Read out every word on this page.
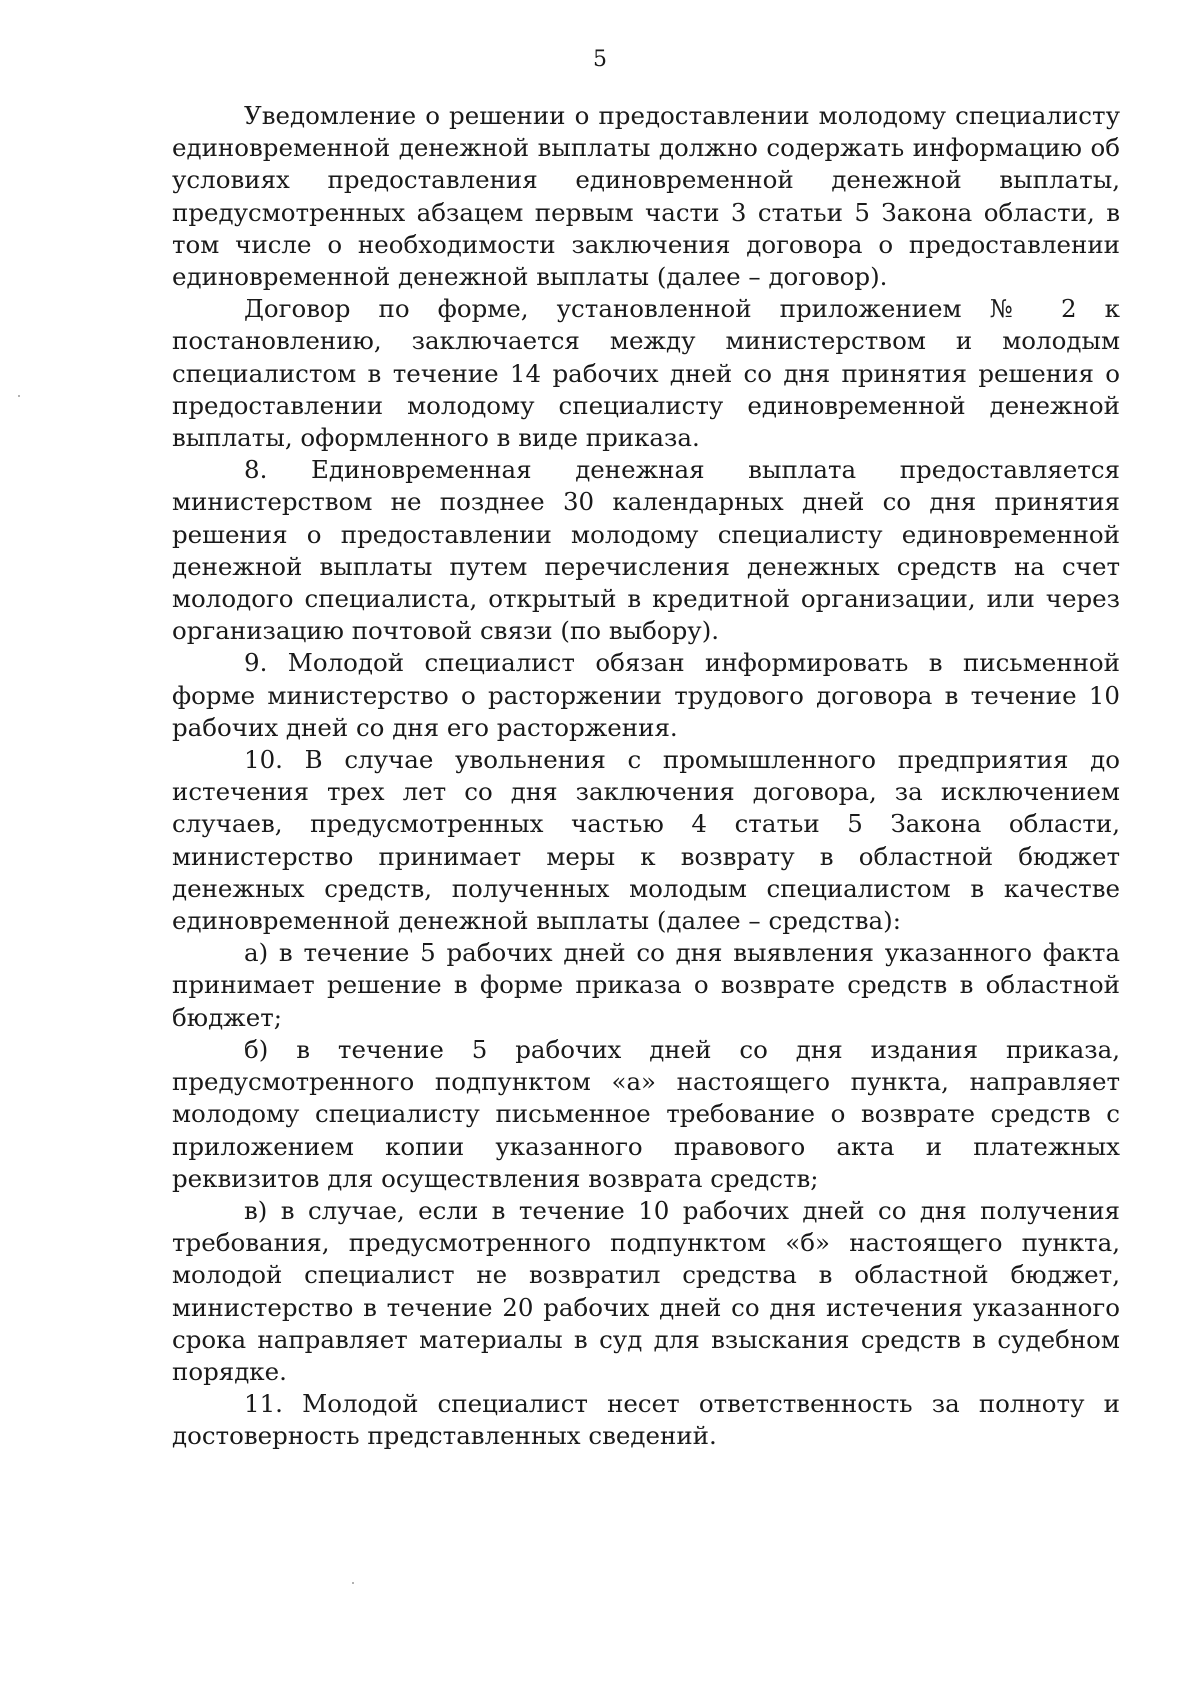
5

Уведомление о решении о предоставлении молодому специалисту единовременной денежной выплаты должно содержать информацию об условиях предоставления единовременной денежной выплаты, предусмотренных абзацем первым части 3 статьи 5 Закона области, в том числе о необходимости заключения договора о предоставлении единовременной денежной выплаты (далее – договор).

Договор по форме, установленной приложением № 2 к постановлению, заключается между министерством и молодым специалистом в течение 14 рабочих дней со дня принятия решения о предоставлении молодому специалисту единовременной денежной выплаты, оформленного в виде приказа.

8. Единовременная денежная выплата предоставляется министерством не позднее 30 календарных дней со дня принятия решения о предоставлении молодому специалисту единовременной денежной выплаты путем перечисления денежных средств на счет молодого специалиста, открытый в кредитной организации, или через организацию почтовой связи (по выбору).

9. Молодой специалист обязан информировать в письменной форме министерство о расторжении трудового договора в течение 10 рабочих дней со дня его расторжения.

10. В случае увольнения с промышленного предприятия до истечения трех лет со дня заключения договора, за исключением случаев, предусмотренных частью 4 статьи 5 Закона области, министерство принимает меры к возврату в областной бюджет денежных средств, полученных молодым специалистом в качестве единовременной денежной выплаты (далее – средства):

а) в течение 5 рабочих дней со дня выявления указанного факта принимает решение в форме приказа о возврате средств в областной бюджет;

б) в течение 5 рабочих дней со дня издания приказа, предусмотренного подпунктом «а» настоящего пункта, направляет молодому специалисту письменное требование о возврате средств с приложением копии указанного правового акта и платежных реквизитов для осуществления возврата средств;

в) в случае, если в течение 10 рабочих дней со дня получения требования, предусмотренного подпунктом «б» настоящего пункта, молодой специалист не возвратил средства в областной бюджет, министерство в течение 20 рабочих дней со дня истечения указанного срока направляет материалы в суд для взыскания средств в судебном порядке.

11. Молодой специалист несет ответственность за полноту и достоверность представленных сведений.
